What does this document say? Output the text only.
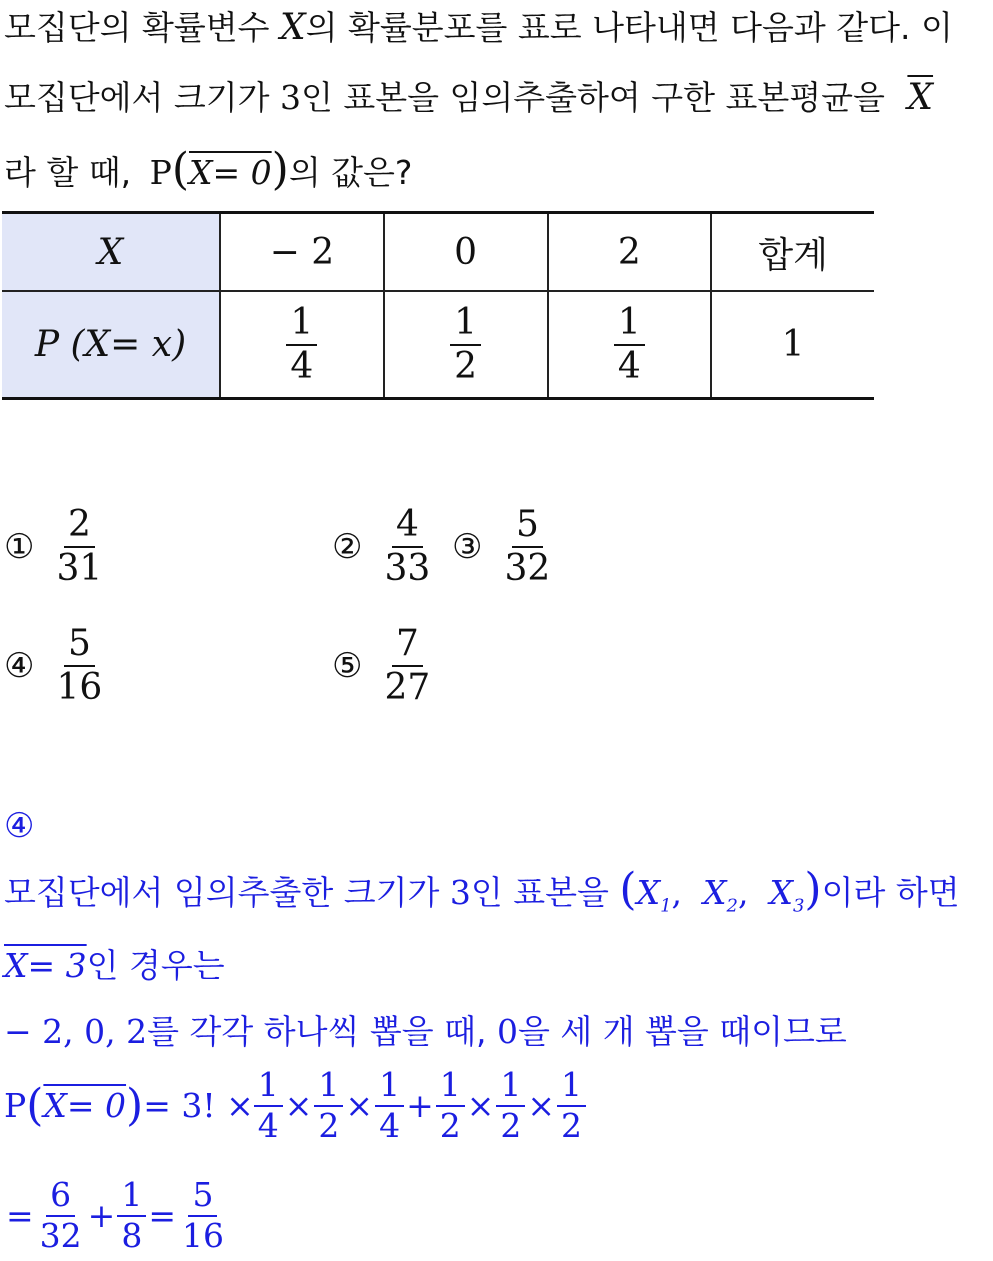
모집단의 확률변수 X의 확률분포를 표로 나타내면 다음과 같다. 이
모집단에서 크기가 3인 표본을 임의추출하여 구한 표본평균을 $\overline{X}$
라 할 때, P(X= 0)의 값은?
X	− 2	0	2	합계
P (X= x)	$\frac{1}{4}$	$\frac{1}{2}$	$\frac{1}{4}$	1
① $\frac{2}{31}$	② $\frac{4}{33}$ ③ $\frac{5}{32}$
④ $\frac{5}{16}$	⑤ $\frac{7}{27}$
④
모집단에서 임의추출한 크기가 3인 표본을 ($X_1$,  $X_2$,  $X_3$)이라 하면
X= 3인 경우는
− 2, 0, 2를 각각 하나씩 뽑을 때, 0을 세 개 뽑을 때이므로
P ( X= 0 ) = 3! × $\frac{1}{4} \times \frac{1}{2} \times \frac{1}{4} + \frac{1}{2} \times \frac{1}{2} \times \frac{1}{2}$
= $\frac{6}{32} + \frac{1}{8} = \frac{5}{16}$
